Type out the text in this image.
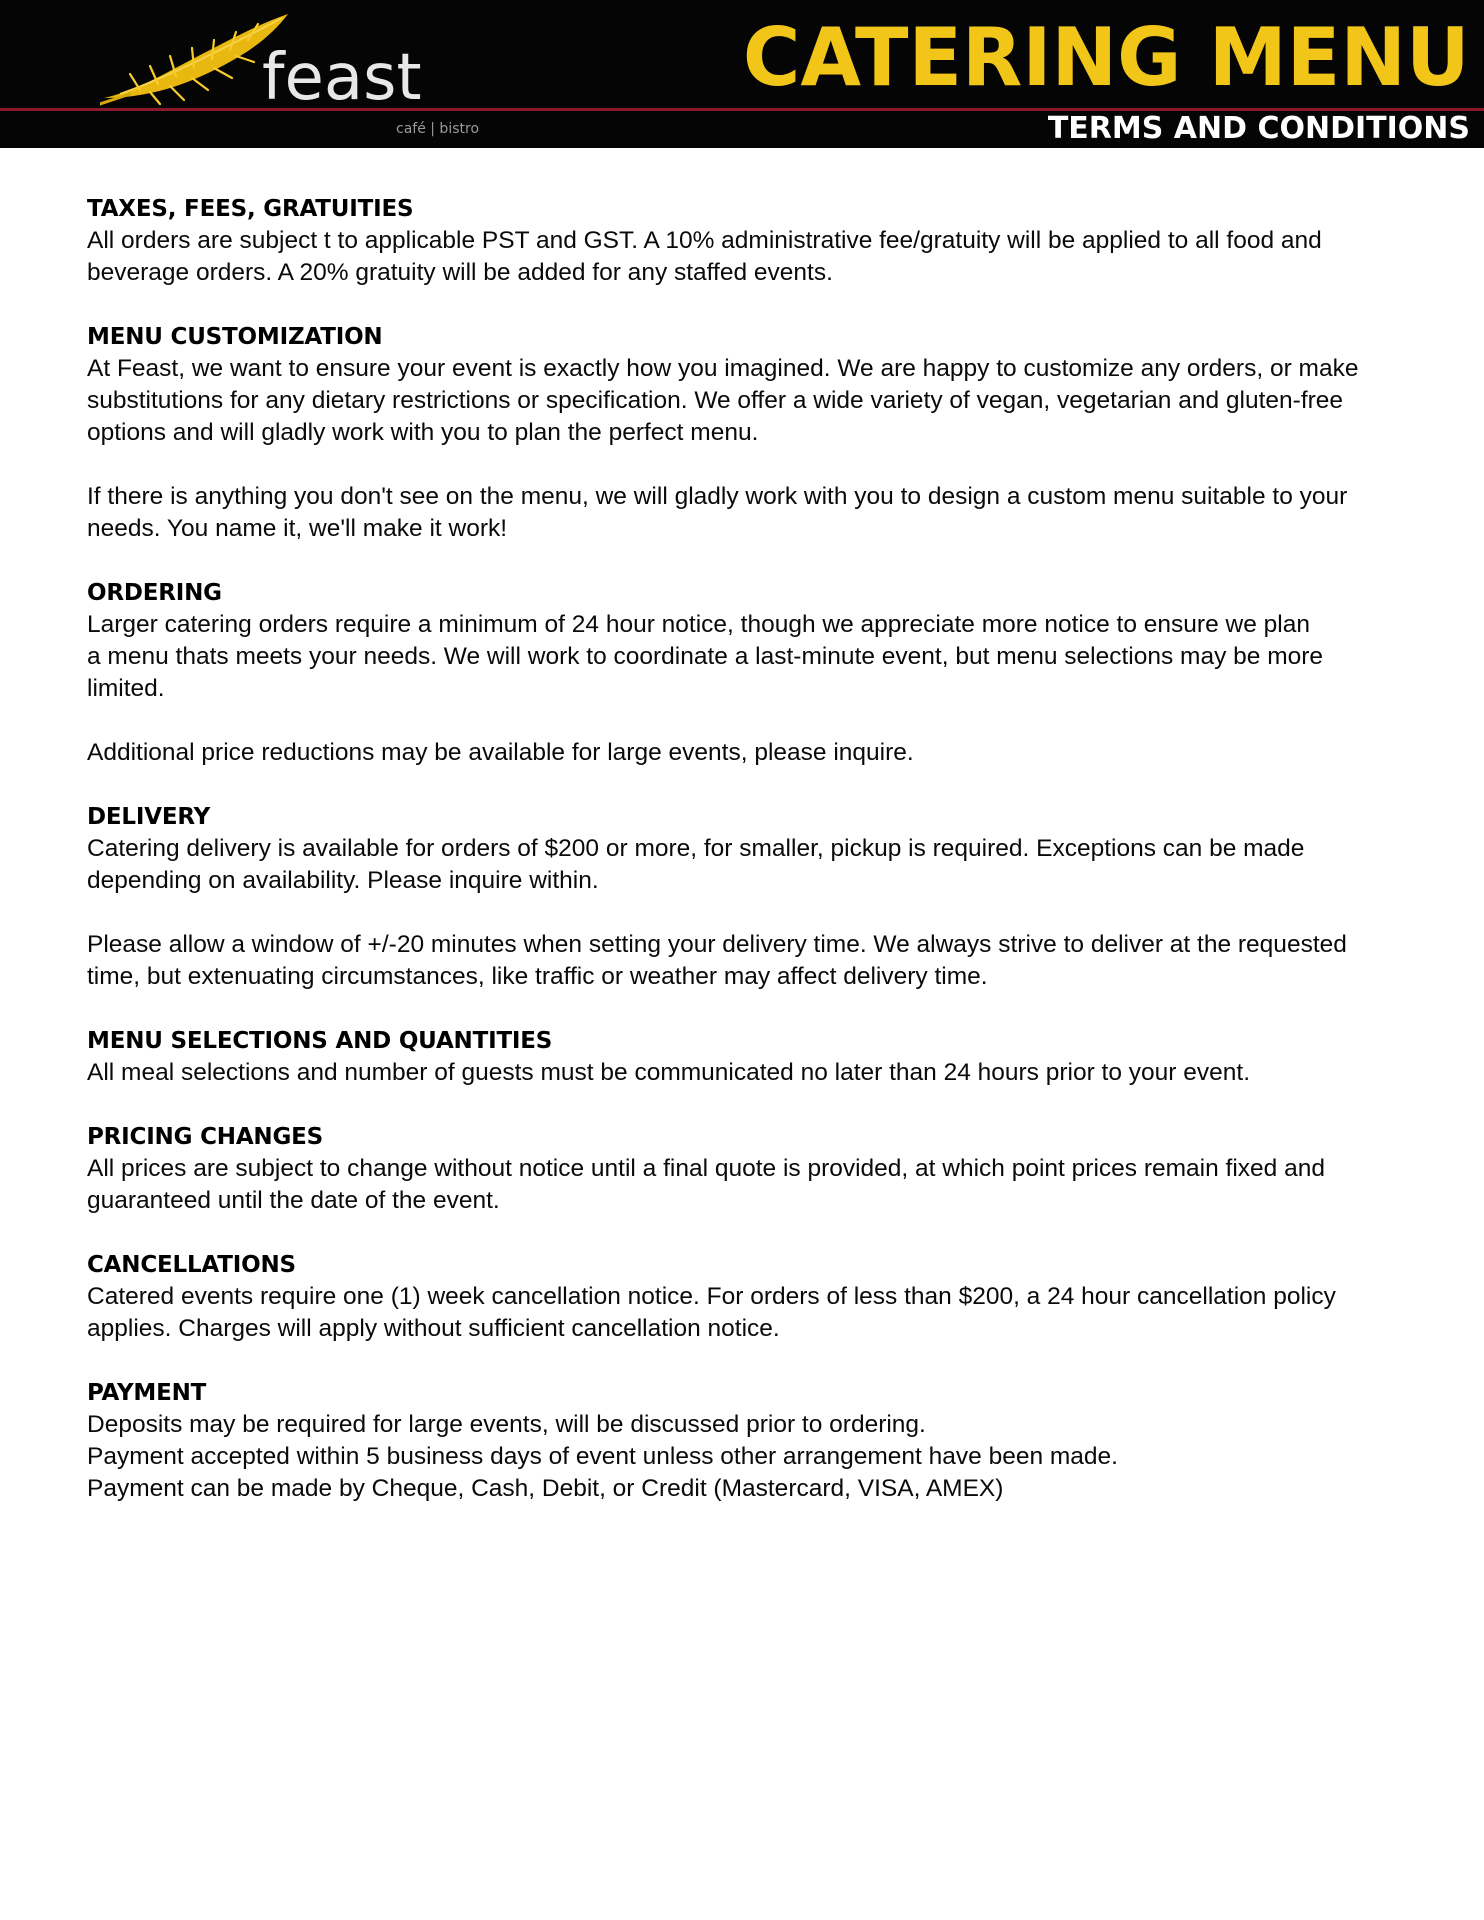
feast
café | bistro
CATERING MENU
TERMS AND CONDITIONS
TAXES, FEES, GRATUITIES

All orders are subject t to applicable PST and GST. A 10% administrative fee/gratuity will be applied to all food and
beverage orders. A 20% gratuity will be added for any staffed events.

MENU CUSTOMIZATION

At Feast, we want to ensure your event is exactly how you imagined. We are happy to customize any orders, or make
substitutions for any dietary restrictions or specification. We offer a wide variety of vegan, vegetarian and gluten-free
options and will gladly work with you to plan the perfect menu.

If there is anything you don't see on the menu, we will gladly work with you to design a custom menu suitable to your
needs. You name it, we'll make it work!

ORDERING

Larger catering orders require a minimum of 24 hour notice, though we appreciate more notice to ensure we plan
a menu thats meets your needs. We will work to coordinate a last-minute event, but menu selections may be more
limited.

Additional price reductions may be available for large events, please inquire.

DELIVERY

Catering delivery is available for orders of $200 or more, for smaller, pickup is required. Exceptions can be made
depending on availability. Please inquire within.

Please allow a window of +/-20 minutes when setting your delivery time. We always strive to deliver at the requested
time, but extenuating circumstances, like traffic or weather may affect delivery time.

MENU SELECTIONS AND QUANTITIES

All meal selections and number of guests must be communicated no later than 24 hours prior to your event.

PRICING CHANGES

All prices are subject to change without notice until a final quote is provided, at which point prices remain fixed and
guaranteed until the date of the event.

CANCELLATIONS

Catered events require one (1) week cancellation notice. For orders of less than $200, a 24 hour cancellation policy
applies. Charges will apply without sufficient cancellation notice.

PAYMENT

Deposits may be required for large events, will be discussed prior to ordering.
Payment accepted within 5 business days of event unless other arrangement have been made.
Payment can be made by Cheque, Cash, Debit, or Credit (Mastercard, VISA, AMEX)
